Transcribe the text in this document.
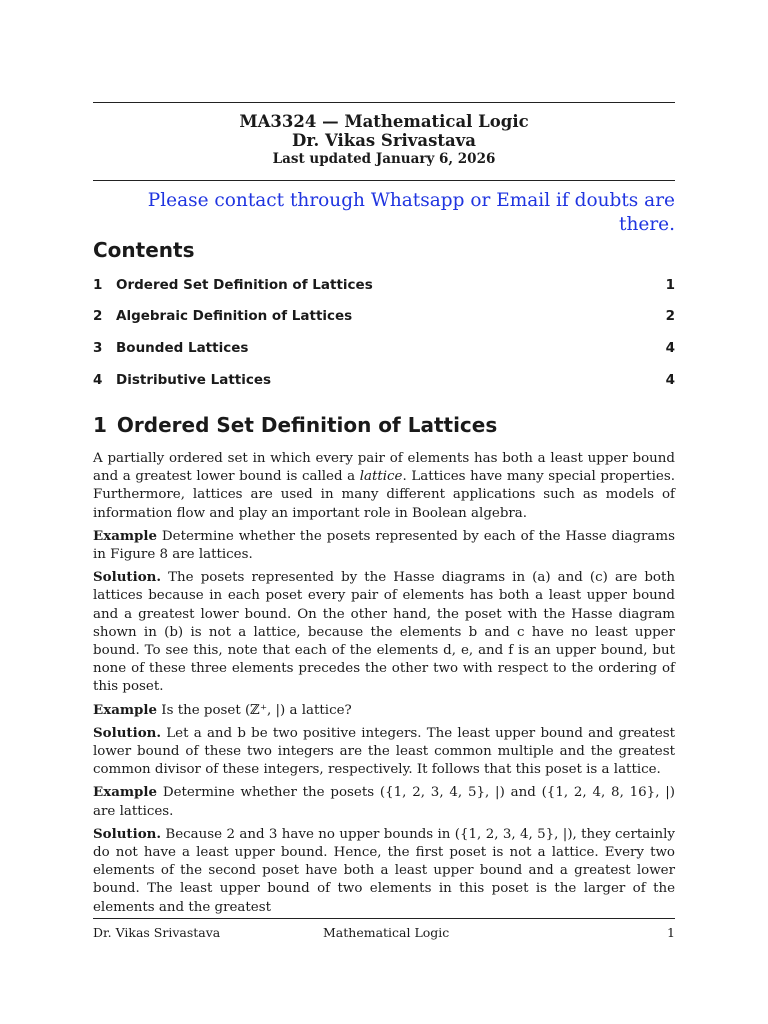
MA3324 — Mathematical Logic
Dr. Vikas Srivastava
Last updated January 6, 2026
Please contact through Whatsapp or Email if doubts are there.
Contents
1	Ordered Set Definition of Lattices	1
2	Algebraic Definition of Lattices	2
3	Bounded Lattices	4
4	Distributive Lattices	4
1 Ordered Set Definition of Lattices

A partially ordered set in which every pair of elements has both a least upper bound and a greatest lower bound is called a lattice. Lattices have many special properties. Furthermore, lattices are used in many different applications such as models of information flow and play an important role in Boolean algebra.

Example Determine whether the posets represented by each of the Hasse diagrams in Figure 8 are lattices.

Solution. The posets represented by the Hasse diagrams in (a) and (c) are both lattices because in each poset every pair of elements has both a least upper bound and a greatest lower bound. On the other hand, the poset with the Hasse diagram shown in (b) is not a lattice, because the elements b and c have no least upper bound. To see this, note that each of the elements d, e, and f is an upper bound, but none of these three elements precedes the other two with respect to the ordering of this poset.

Example Is the poset (ℤ⁺, |) a lattice?

Solution. Let a and b be two positive integers. The least upper bound and greatest lower bound of these two integers are the least common multiple and the greatest common divisor of these integers, respectively. It follows that this poset is a lattice.

Example Determine whether the posets ({1, 2, 3, 4, 5}, |) and ({1, 2, 4, 8, 16}, |) are lattices.

Solution. Because 2 and 3 have no upper bounds in ({1, 2, 3, 4, 5}, |), they certainly do not have a least upper bound. Hence, the first poset is not a lattice. Every two elements of the second poset have both a least upper bound and a greatest lower bound. The least upper bound of two elements in this poset is the larger of the elements and the greatest

Dr. Vikas Srivastava	Mathematical Logic	1
